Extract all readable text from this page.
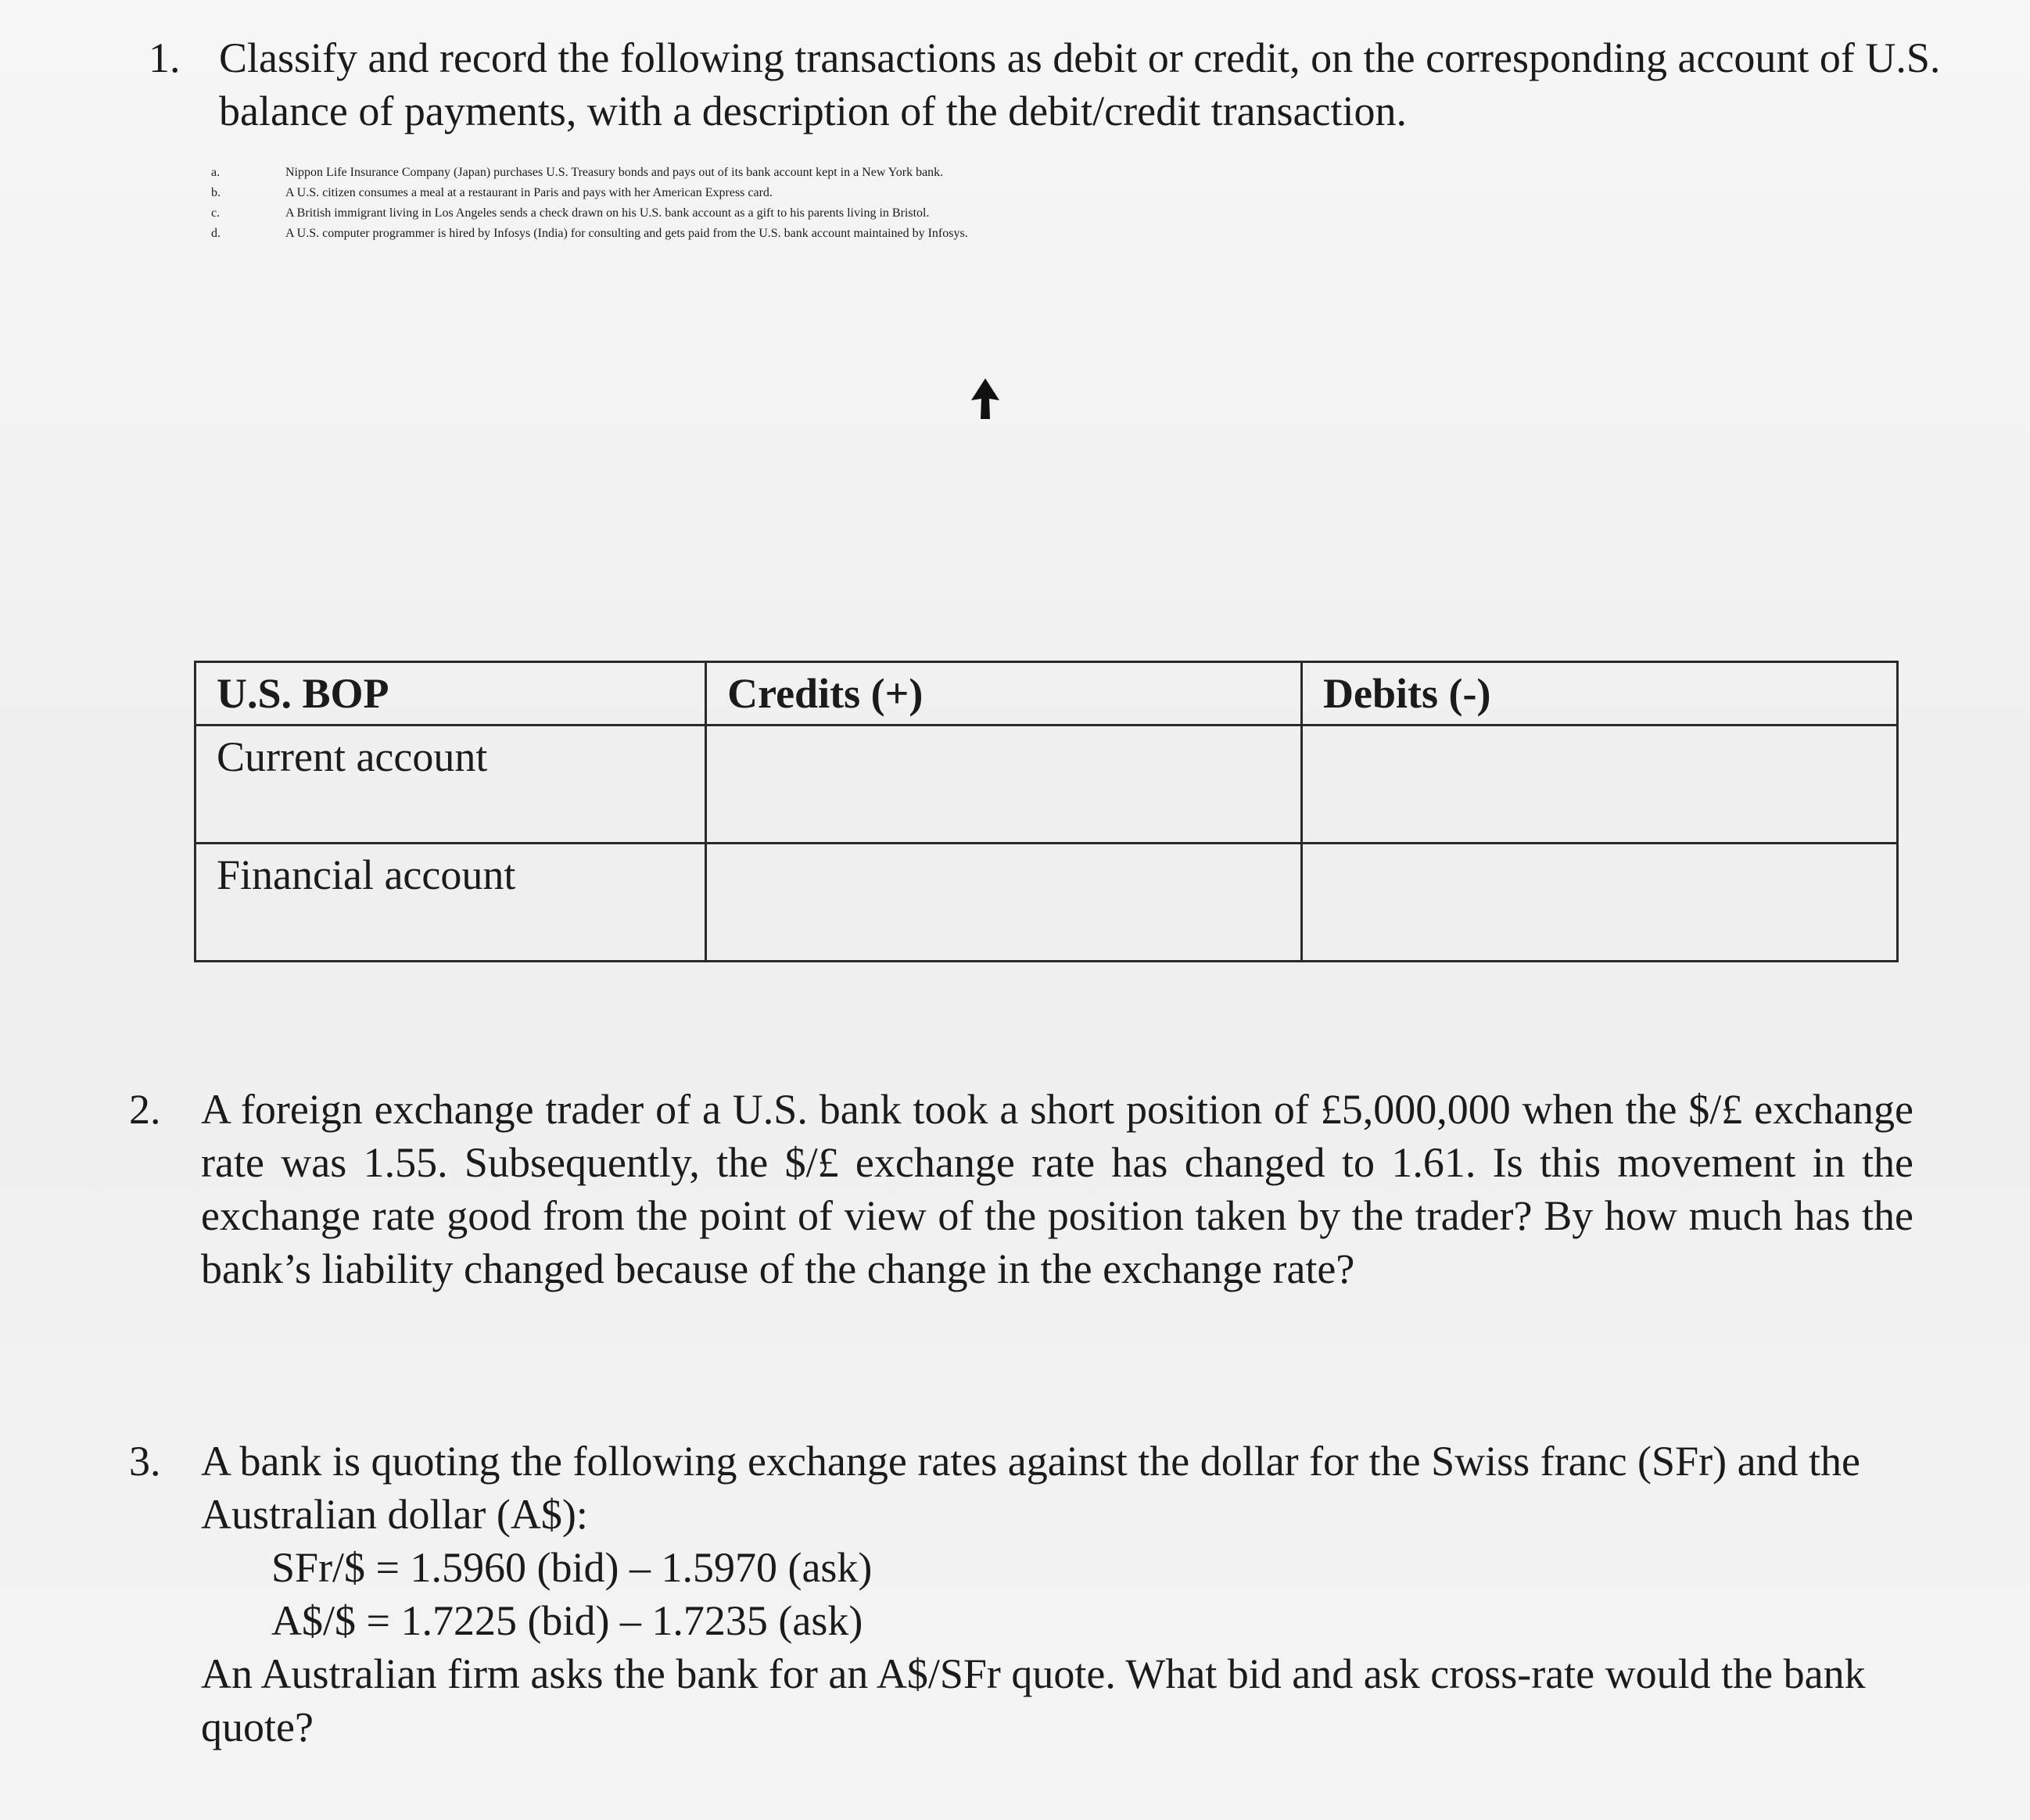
1. Classify and record the following transactions as debit or credit, on the corresponding account of U.S. balance of payments, with a description of the debit/credit transaction.
a.	Nippon Life Insurance Company (Japan) purchases U.S. Treasury bonds and pays out of its bank account kept in a New York bank.
b.	A U.S. citizen consumes a meal at a restaurant in Paris and pays with her American Express card.
c.	A British immigrant living in Los Angeles sends a check drawn on his U.S. bank account as a gift to his parents living in Bristol.
d.	A U.S. computer programmer is hired by Infosys (India) for consulting and gets paid from the U.S. bank account maintained by Infosys.
U.S. BOP	Credits (+)	Debits (-)
Current account		
Financial account		
2. A foreign exchange trader of a U.S. bank took a short position of £5,000,000 when the $/£ exchange rate was 1.55. Subsequently, the $/£ exchange rate has changed to 1.61. Is this movement in the exchange rate good from the point of view of the position taken by the trader? By how much has the bank’s liability changed because of the change in the exchange rate?
3. A bank is quoting the following exchange rates against the dollar for the Swiss franc (SFr) and the Australian dollar (A$):
SFr/$ = 1.5960 (bid) – 1.5970 (ask)
A$/$ = 1.7225 (bid) – 1.7235 (ask)
An Australian firm asks the bank for an A$/SFr quote. What bid and ask cross-rate would the bank quote?
